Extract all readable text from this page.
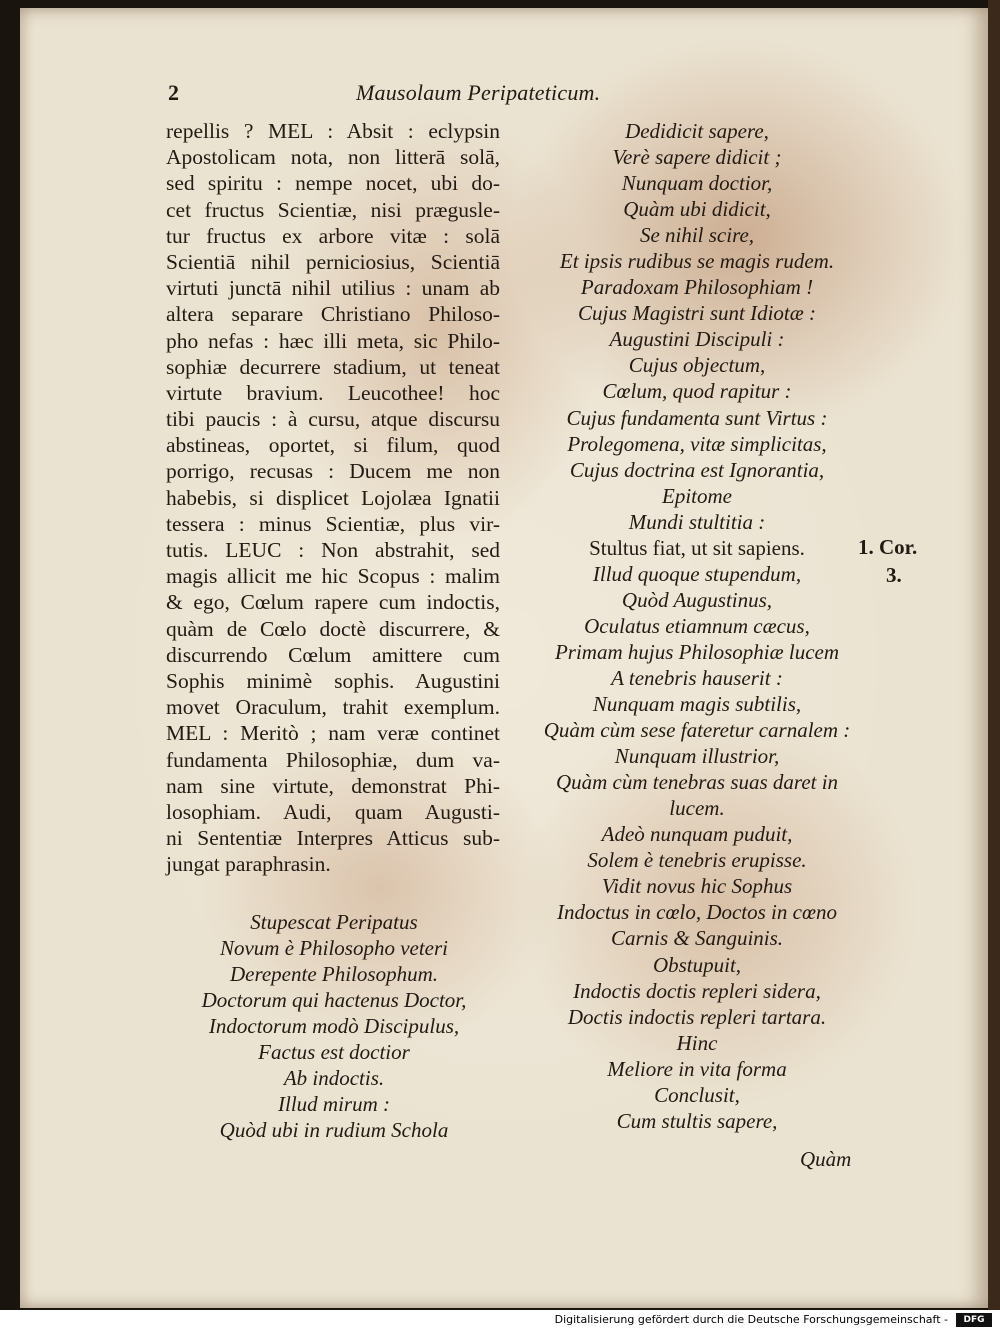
2	Mausolaum Peripateticum.
repellis ? MEL : Absit : eclypsin
Apostolicam nota, non litterā solā,
sed spiritu : nempe nocet, ubi do-
cet fructus Scientiæ, nisi prægusle-
tur fructus ex arbore vitæ : solā
Scientiā nihil perniciosius, Scientiā
virtuti junctā nihil utilius : unam ab
altera separare Christiano Philoso-
pho nefas : hæc illi meta, sic Philo-
sophiæ decurrere stadium, ut teneat
virtute bravium. Leucothee! hoc
tibi paucis : à cursu, atque discursu
abstineas, oportet, si filum, quod
porrigo, recusas : Ducem me non
habebis, si displicet Lojolæa Ignatii
tessera : minus Scientiæ, plus vir-
tutis. LEUC : Non abstrahit, sed
magis allicit me hic Scopus : malim
& ego, Cœlum rapere cum indoctis,
quàm de Cœlo doctè discurrere, &
discurrendo Cœlum amittere cum
Sophis minimè sophis. Augustini
movet Oraculum, trahit exemplum.
MEL : Meritò ; nam veræ continet
fundamenta Philosophiæ, dum va-
nam sine virtute, demonstrat Phi-
losophiam. Audi, quam Augusti-
ni Sententiæ Interpres Atticus sub-
jungat paraphrasin.
Stupescat Peripatus
Novum è Philosopho veteri
Derepente Philosophum.
Doctorum qui hactenus Doctor,
Indoctorum modò Discipulus,
Factus est doctior
Ab indoctis.
Illud mirum :
Quòd ubi in rudium Schola
Dedidicit sapere,
Verè sapere didicit ;
Nunquam doctior,
Quàm ubi didicit,
Se nihil scire,
Et ipsis rudibus se magis rudem.
Paradoxam Philosophiam !
Cujus Magistri sunt Idiotæ :
Augustini Discipuli :
Cujus objectum,
Cœlum, quod rapitur :
Cujus fundamenta sunt Virtus :
Prolegomena, vitæ simplicitas,
Cujus doctrina est Ignorantia,
Epitome
Mundi stultitia :
Stultus fiat, ut sit sapiens.
Illud quoque stupendum,
Quòd Augustinus,
Oculatus etiamnum cæcus,
Primam hujus Philosophiæ lucem
A tenebris hauserit :
Nunquam magis subtilis,
Quàm cùm sese fateretur carnalem :
Nunquam illustrior,
Quàm cùm tenebras suas daret in
lucem.
Adeò nunquam puduit,
Solem è tenebris erupisse.
Vidit novus hic Sophus
Indoctus in cœlo, Doctos in cœno
Carnis & Sanguinis.
Obstupuit,
Indoctis doctis repleri sidera,
Doctis indoctis repleri tartara.
Hinc
Meliore in vita forma
Conclusit,
Cum stultis sapere,
1. Cor.
3.
Quàm
Digitalisierung gefördert durch die Deutsche Forschungsgemeinschaft -	DFG
